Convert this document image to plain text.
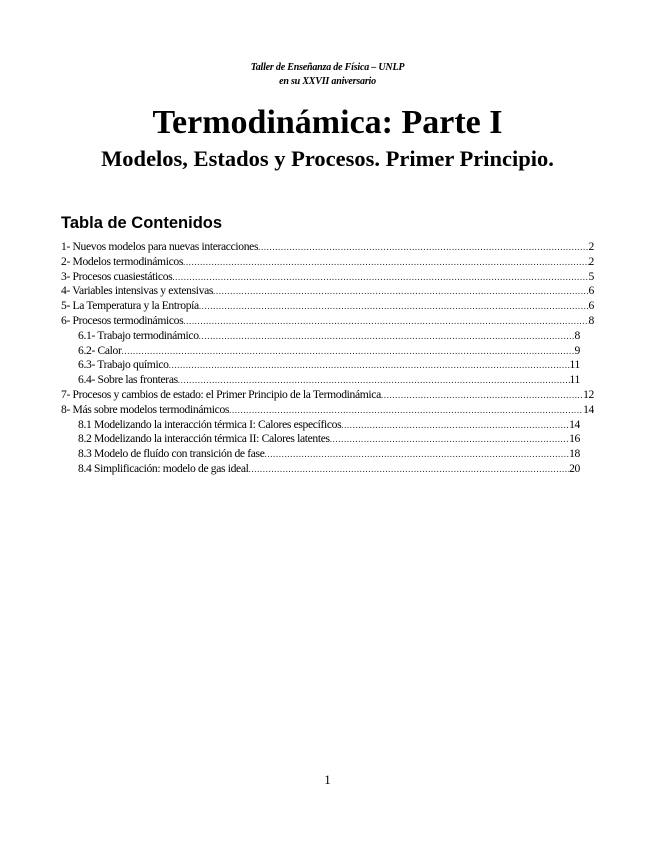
Taller de Enseñanza de Física – UNLP
en su XXVII aniversario
Termodinámica: Parte I
Modelos, Estados y Procesos. Primer Principio.
Tabla de Contenidos
1- Nuevos modelos para nuevas interacciones .....	2
2- Modelos termodinámicos .....	2
3- Procesos cuasiestáticos .....	5
4- Variables intensivas y extensivas .....	6
5- La Temperatura y la Entropía .....	6
6- Procesos termodinámicos .....	8
6.1- Trabajo termodinámico .....	8
6.2- Calor .....	9
6.3- Trabajo químico .....	11
6.4- Sobre las fronteras .....	11
7- Procesos y cambios de estado: el Primer Principio de la Termodinámica .....	12
8- Más sobre modelos termodinámicos .....	14
8.1 Modelizando la interacción térmica I: Calores específicos .....	14
8.2 Modelizando la interacción térmica II: Calores latentes .....	16
8.3 Modelo de fluído con transición de fase .....	18
8.4 Simplificación: modelo de gas ideal .....	20
1
